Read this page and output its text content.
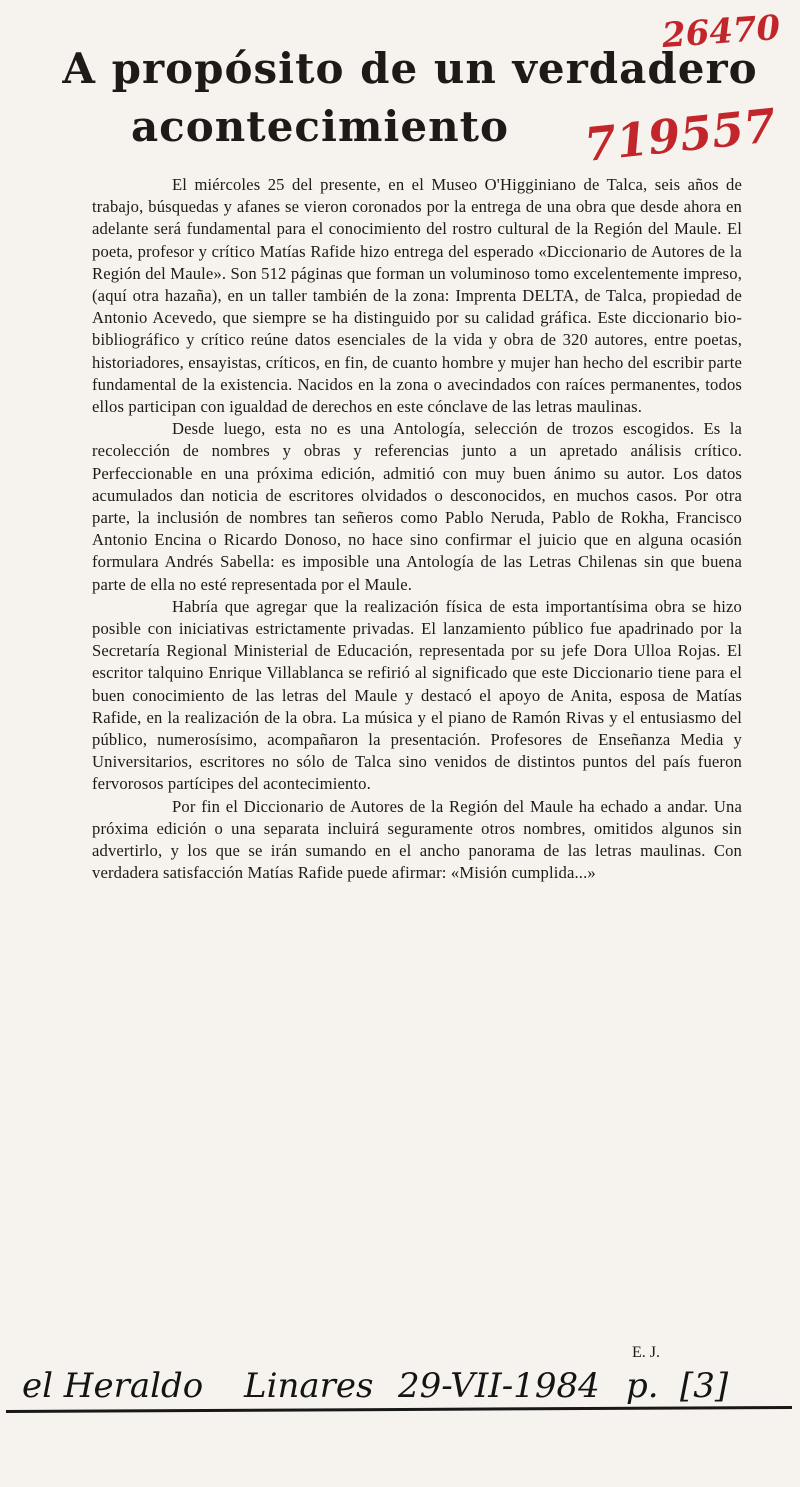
26470
719557
A propósito de un verdadero
acontecimiento

El miércoles 25 del presente, en el Museo O'Higginiano de Talca, seis años de trabajo, búsquedas y afanes se vieron coronados por la entrega de una obra que desde ahora en adelante será fundamental para el conocimiento del rostro cultural de la Región del Maule. El poeta, profesor y crítico Matías Rafide hizo entrega del esperado «Diccionario de Autores de la Región del Maule». Son 512 páginas que forman un voluminoso tomo excelentemente impreso, (aquí otra hazaña), en un taller también de la zona: Imprenta DELTA, de Talca, propiedad de Antonio Acevedo, que siempre se ha distinguido por su calidad gráfica. Este diccionario bio-bibliográfico y crítico reúne datos esenciales de la vida y obra de 320 autores, entre poetas, historiadores, ensayistas, críticos, en fin, de cuanto hombre y mujer han hecho del escribir parte fundamental de la existencia. Nacidos en la zona o avecindados con raíces permanentes, todos ellos participan con igualdad de derechos en este cónclave de las letras maulinas.

Desde luego, esta no es una Antología, selección de trozos escogidos. Es la recolección de nombres y obras y referencias junto a un apretado análisis crítico. Perfeccionable en una próxima edición, admitió con muy buen ánimo su autor. Los datos acumulados dan noticia de escritores olvidados o desconocidos, en muchos casos. Por otra parte, la inclusión de nombres tan señeros como Pablo Neruda, Pablo de Rokha, Francisco Antonio Encina o Ricardo Donoso, no hace sino confirmar el juicio que en alguna ocasión formulara Andrés Sabella: es imposible una Antología de las Letras Chilenas sin que buena parte de ella no esté representada por el Maule.

Habría que agregar que la realización física de esta importantísima obra se hizo posible con iniciativas estrictamente privadas. El lanzamiento público fue apadrinado por la Secretaría Regional Ministerial de Educación, representada por su jefe Dora Ulloa Rojas. El escritor talquino Enrique Villablanca se refirió al significado que este Diccionario tiene para el buen conocimiento de las letras del Maule y destacó el apoyo de Anita, esposa de Matías Rafide, en la realización de la obra. La música y el piano de Ramón Rivas y el entusiasmo del público, numerosísimo, acompañaron la presentación. Profesores de Enseñanza Media y Universitarios, escritores no sólo de Talca sino venidos de distintos puntos del país fueron fervorosos partícipes del acontecimiento.

Por fin el Diccionario de Autores de la Región del Maule ha echado a andar. Una próxima edición o una separata incluirá seguramente otros nombres, omitidos algunos sin advertirlo, y los que se irán sumando en el ancho panorama de las letras maulinas. Con verdadera satisfacción Matías Rafide puede afirmar: «Misión cumplida...»

E. J.
el Heraldo Linares 29-VII-1984 p. [3]
